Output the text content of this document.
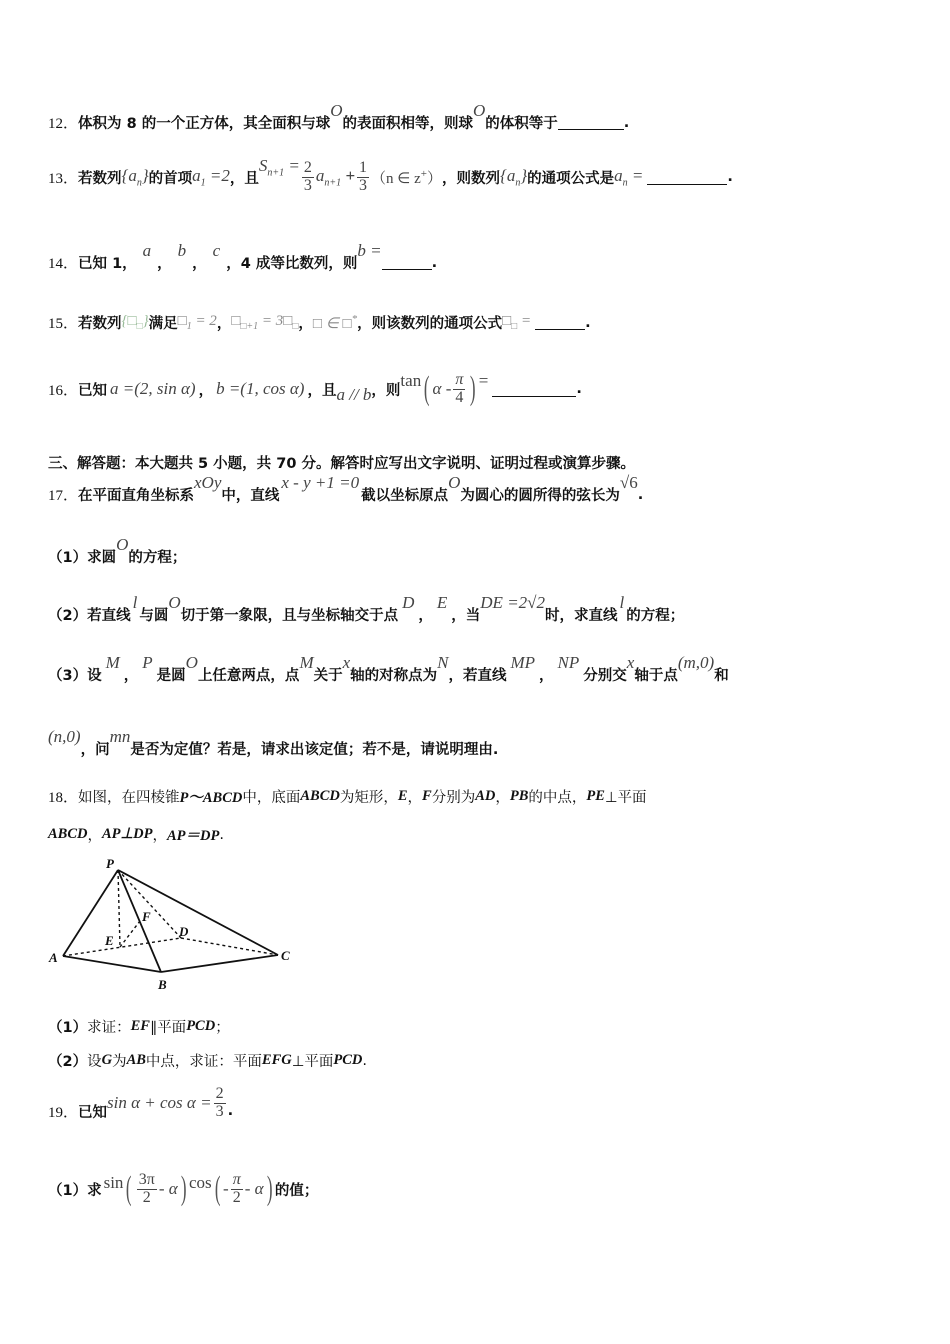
12． 体积为 8 的一个正方体，其全面积与球
O
的表面积相等，则球
O
的体积等于	.
13． 若数列 $\{a_n\}$ 的首项 $a_1 =2$ ，且
$S_{n+1} = \frac{2}{3} a_{n+1} + \frac{1}{3} (n$ ∈ z+） ，则数列 $\{a_n\}$ 的通项公式是 $a_n$ =	.
14． 已知 1，
a
，
b
，
c
，4 成等比数列，则
b =
.
15． 若数列 $\{□_□\}$ 满足 $□_1 = 2$ ， $□_{□+1}$ = $3□_□$ ， □ ∈ □* ，则该数列的通项公式 $□_□$ =	.
16． 已知 a =(2, sin α) ， b =(1, cos α) ，且 a // b ，则
tan ( α - $\frac{\pi}{4}$ ) =	.
三、解答题：本大题共 5 小题，共 70 分。解答时应写出文字说明、证明过程或演算步骤。
17． 在平面直角坐标系
xOy
中，直线
x - y +1 =0
截以坐标原点
O
为圆心的圆所得的弦长为
√6
.
（1） 求圆
O
的方程；
（2） 若直线
l
与圆
O
切于第一象限，且与坐标轴交于点
D
，
E
，当
DE =2√2
时，求直线
l
的方程；
（3） 设
M
，
P
是圆
O
上任意两点，点
M
关于
x
轴的对称点为
N
，若直线
MP
，
NP
分别交
x
轴于点
(m,0)
和
(n,0)
，问
mn
是否为定值？若是，请求出该定值；若不是，请说明理由.
18． 如图，在四棱锥 P～ABCD 中，底面 ABCD 为矩形， E ， F 分别为 AD ， PB 的中点， PE ⊥平面
ABCD ， AP⊥DP ， AP＝DP .
P
A
B
C
D
E
F
（1） 求证： EF ∥平面 PCD ；
（2） 设 G 为 AB 中点，求证：平面 EFG ⊥平面 PCD .
19． 已知
$\sin \alpha + \cos \alpha = \frac{2}{3}$ .
（1） 求 sin ( $\frac{3\pi}{2}$ - α ) cos ( - $\frac{\pi}{2}$ - α ) 的值；
